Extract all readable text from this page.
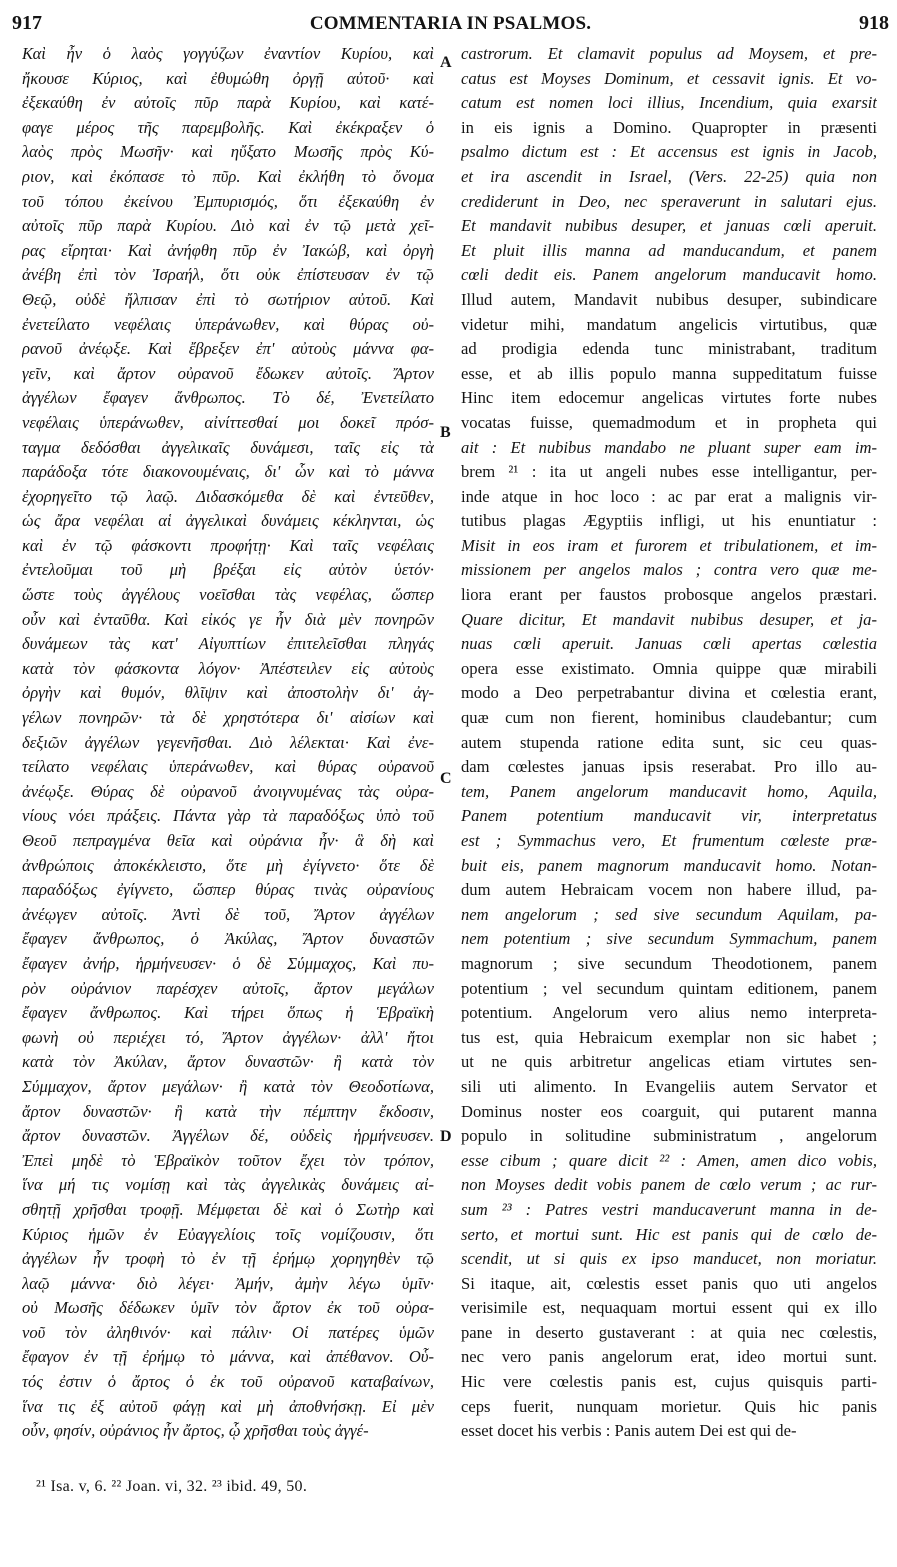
917	COMMENTARIA IN PSALMOS.	918
Καὶ ἦν ὁ λαὸς γογγύζων ἐναντίον Κυρίου, καὶ
ἤκουσε Κύριος, καὶ ἐθυμώθη ὀργῇ αὐτοῦ· καὶ
ἐξεκαύθη ἐν αὐτοῖς πῦρ παρὰ Κυρίου, καὶ κατέ-
φαγε μέρος τῆς παρεμβολῆς. Καὶ ἐκέκραξεν ὁ
λαὸς πρὸς Μωσῆν· καὶ ηὔξατο Μωσῆς πρὸς Κύ-
ριον, καὶ ἐκόπασε τὸ πῦρ. Καὶ ἐκλήθη τὸ ὄνομα
τοῦ τόπου ἐκείνου Ἐμπυρισμός, ὅτι ἐξεκαύθη ἐν
αὐτοῖς πῦρ παρὰ Κυρίου. Διὸ καὶ ἐν τῷ μετὰ χεῖ-
ρας εἴρηται· Καὶ ἀνήφθη πῦρ ἐν Ἰακώβ, καὶ ὀργὴ
ἀνέβη ἐπὶ τὸν Ἰσραήλ, ὅτι οὐκ ἐπίστευσαν ἐν τῷ
Θεῷ, οὐδὲ ἤλπισαν ἐπὶ τὸ σωτήριον αὐτοῦ. Καὶ
ἐνετείλατο νεφέλαις ὑπεράνωθεν, καὶ θύρας οὐ-
ρανοῦ ἀνέῳξε. Καὶ ἔβρεξεν ἐπ' αὐτοὺς μάννα φα-
γεῖν, καὶ ἄρτον οὐρανοῦ ἔδωκεν αὐτοῖς. Ἄρτον
ἀγγέλων ἔφαγεν ἄνθρωπος. Τὸ δέ, Ἐνετείλατο
νεφέλαις ὑπεράνωθεν, αἰνίττεσθαί μοι δοκεῖ πρόσ-
ταγμα δεδόσθαι ἀγγελικαῖς δυνάμεσι, ταῖς εἰς τὰ
παράδοξα τότε διακονουμέναις, δι' ὧν καὶ τὸ μάννα
ἐχορηγεῖτο τῷ λαῷ. Διδασκόμεθα δὲ καὶ ἐντεῦθεν,
ὡς ἄρα νεφέλαι αἱ ἀγγελικαὶ δυνάμεις κέκληνται, ὡς
καὶ ἐν τῷ φάσκοντι προφήτῃ· Καὶ ταῖς νεφέλαις
ἐντελοῦμαι τοῦ μὴ βρέξαι εἰς αὐτὸν ὑετόν·
ὥστε τοὺς ἀγγέλους νοεῖσθαι τὰς νεφέλας, ὥσπερ
οὖν καὶ ἐνταῦθα. Καὶ εἰκός γε ἦν διὰ μὲν πονηρῶν
δυνάμεων τὰς κατ' Αἰγυπτίων ἐπιτελεῖσθαι πληγάς
κατὰ τὸν φάσκοντα λόγον· Ἀπέστειλεν εἰς αὐτοὺς
ὀργὴν καὶ θυμόν, θλῖψιν καὶ ἀποστολὴν δι' ἀγ-
γέλων πονηρῶν· τὰ δὲ χρηστότερα δι' αἰσίων καὶ
δεξιῶν ἀγγέλων γεγενῆσθαι. Διὸ λέλεκται· Καὶ ἐνε-
τείλατο νεφέλαις ὑπεράνωθεν, καὶ θύρας οὐρανοῦ
ἀνέῳξε. Θύρας δὲ οὐρανοῦ ἀνοιγνυμένας τὰς οὐρα-
νίους νόει πράξεις. Πάντα γὰρ τὰ παραδόξως ὑπὸ τοῦ
Θεοῦ πεπραγμένα θεῖα καὶ οὐράνια ἦν· ἃ δὴ καὶ
ἀνθρώποις ἀποκέκλειστο, ὅτε μὴ ἐγίγνετο· ὅτε δὲ
παραδόξως ἐγίγνετο, ὥσπερ θύρας τινὰς οὐρανίους
ἀνέῳγεν αὐτοῖς. Ἀντὶ δὲ τοῦ, Ἄρτον ἀγγέλων
ἔφαγεν ἄνθρωπος, ὁ Ἀκύλας, Ἄρτον δυναστῶν
ἔφαγεν ἀνήρ, ἡρμήνευσεν· ὁ δὲ Σύμμαχος, Καὶ πυ-
ρὸν οὐράνιον παρέσχεν αὐτοῖς, ἄρτον μεγάλων
ἔφαγεν ἄνθρωπος. Καὶ τήρει ὅπως ἡ Ἑβραϊκὴ
φωνὴ οὐ περιέχει τό, Ἄρτον ἀγγέλων· ἀλλ' ἤτοι
κατὰ τὸν Ἀκύλαν, ἄρτον δυναστῶν· ἢ κατὰ τὸν
Σύμμαχον, ἄρτον μεγάλων· ἢ κατὰ τὸν Θεοδοτίωνα,
ἄρτον δυναστῶν· ἢ κατὰ τὴν πέμπτην ἔκδοσιν,
ἄρτον δυναστῶν. Ἀγγέλων δέ, οὐδεὶς ἡρμήνευσεν.
Ἐπεὶ μηδὲ τὸ Ἑβραϊκὸν τοῦτον ἔχει τὸν τρόπον,
ἵνα μή τις νομίσῃ καὶ τὰς ἀγγελικὰς δυνάμεις αἰ-
σθητῇ χρῆσθαι τροφῇ. Μέμφεται δὲ καὶ ὁ Σωτὴρ καὶ
Κύριος ἡμῶν ἐν Εὐαγγελίοις τοῖς νομίζουσιν, ὅτι
ἀγγέλων ἦν τροφὴ τὸ ἐν τῇ ἐρήμῳ χορηγηθὲν τῷ
λαῷ μάννα· διὸ λέγει· Ἀμήν, ἀμὴν λέγω ὑμῖν·
οὐ Μωσῆς δέδωκεν ὑμῖν τὸν ἄρτον ἐκ τοῦ οὐρα-
νοῦ τὸν ἀληθινόν· καὶ πάλιν· Οἱ πατέρες ὑμῶν
ἔφαγον ἐν τῇ ἐρήμῳ τὸ μάννα, καὶ ἀπέθανον. Οὗ-
τός ἐστιν ὁ ἄρτος ὁ ἐκ τοῦ οὐρανοῦ καταβαίνων,
ἵνα τις ἐξ αὐτοῦ φάγῃ καὶ μὴ ἀποθνήσκῃ. Εἰ μὲν
οὖν, φησίν, οὐράνιος ἦν ἄρτος, ᾧ χρῆσθαι τοὺς ἀγγέ-
A
B
C
D
castrorum. Et clamavit populus ad Moysem, et pre-
catus est Moyses Dominum, et cessavit ignis. Et vo-
catum est nomen loci illius, Incendium, quia exarsit
in eis ignis a Domino. Quapropter in præsenti
psalmo dictum est : Et accensus est ignis in Jacob,
et ira ascendit in Israel, (Vers. 22-25) quia non
crediderunt in Deo, nec speraverunt in salutari ejus.
Et mandavit nubibus desuper, et januas cœli aperuit.
Et pluit illis manna ad manducandum, et panem
cœli dedit eis. Panem angelorum manducavit homo.
Illud autem, Mandavit nubibus desuper, subindicare
videtur mihi, mandatum angelicis virtutibus, quæ
ad prodigia edenda tunc ministrabant, traditum
esse, et ab illis populo manna suppeditatum fuisse
Hinc item edocemur angelicas virtutes forte nubes
vocatas fuisse, quemadmodum et in propheta qui
ait : Et nubibus mandabo ne pluant super eam im-
brem ²¹ : ita ut angeli nubes esse intelligantur, per-
inde atque in hoc loco : ac par erat a malignis vir-
tutibus plagas Ægyptiis infligi, ut his enuntiatur :
Misit in eos iram et furorem et tribulationem, et im-
missionem per angelos malos ; contra vero quæ me-
liora erant per faustos probosque angelos præstari.
Quare dicitur, Et mandavit nubibus desuper, et ja-
nuas cœli aperuit. Januas cœli apertas cœlestia
opera esse existimato. Omnia quippe quæ mirabili
modo a Deo perpetrabantur divina et cœlestia erant,
quæ cum non fierent, hominibus claudebantur; cum
autem stupenda ratione edita sunt, sic ceu quas-
dam cœlestes januas ipsis reserabat. Pro illo au-
tem, Panem angelorum manducavit homo, Aquila,
Panem potentium manducavit vir, interpretatus
est ; Symmachus vero, Et frumentum cœleste præ-
buit eis, panem magnorum manducavit homo. Notan-
dum autem Hebraicam vocem non habere illud, pa-
nem angelorum ; sed sive secundum Aquilam, pa-
nem potentium ; sive secundum Symmachum, panem
magnorum ; sive secundum Theodotionem, panem
potentium ; vel secundum quintam editionem, panem
potentium. Angelorum vero alius nemo interpreta-
tus est, quia Hebraicum exemplar non sic habet ;
ut ne quis arbitretur angelicas etiam virtutes sen-
sili uti alimento. In Evangeliis autem Servator et
Dominus noster eos coarguit, qui putarent manna
populo in solitudine subministratum , angelorum
esse cibum ; quare dicit ²² : Amen, amen dico vobis,
non Moyses dedit vobis panem de cœlo verum ; ac rur-
sum ²³ : Patres vestri manducaverunt manna in de-
serto, et mortui sunt. Hic est panis qui de cœlo de-
scendit, ut si quis ex ipso manducet, non moriatur.
Si itaque, ait, cœlestis esset panis quo uti angelos
verisimile est, nequaquam mortui essent qui ex illo
pane in deserto gustaverant : at quia nec cœlestis,
nec vero panis angelorum erat, ideo mortui sunt.
Hic vere cœlestis panis est, cujus quisquis parti-
ceps fuerit, nunquam morietur. Quis hic panis
esset docet his verbis : Panis autem Dei est qui de-
²¹ Isa. v, 6. ²² Joan. vi, 32. ²³ ibid. 49, 50.
